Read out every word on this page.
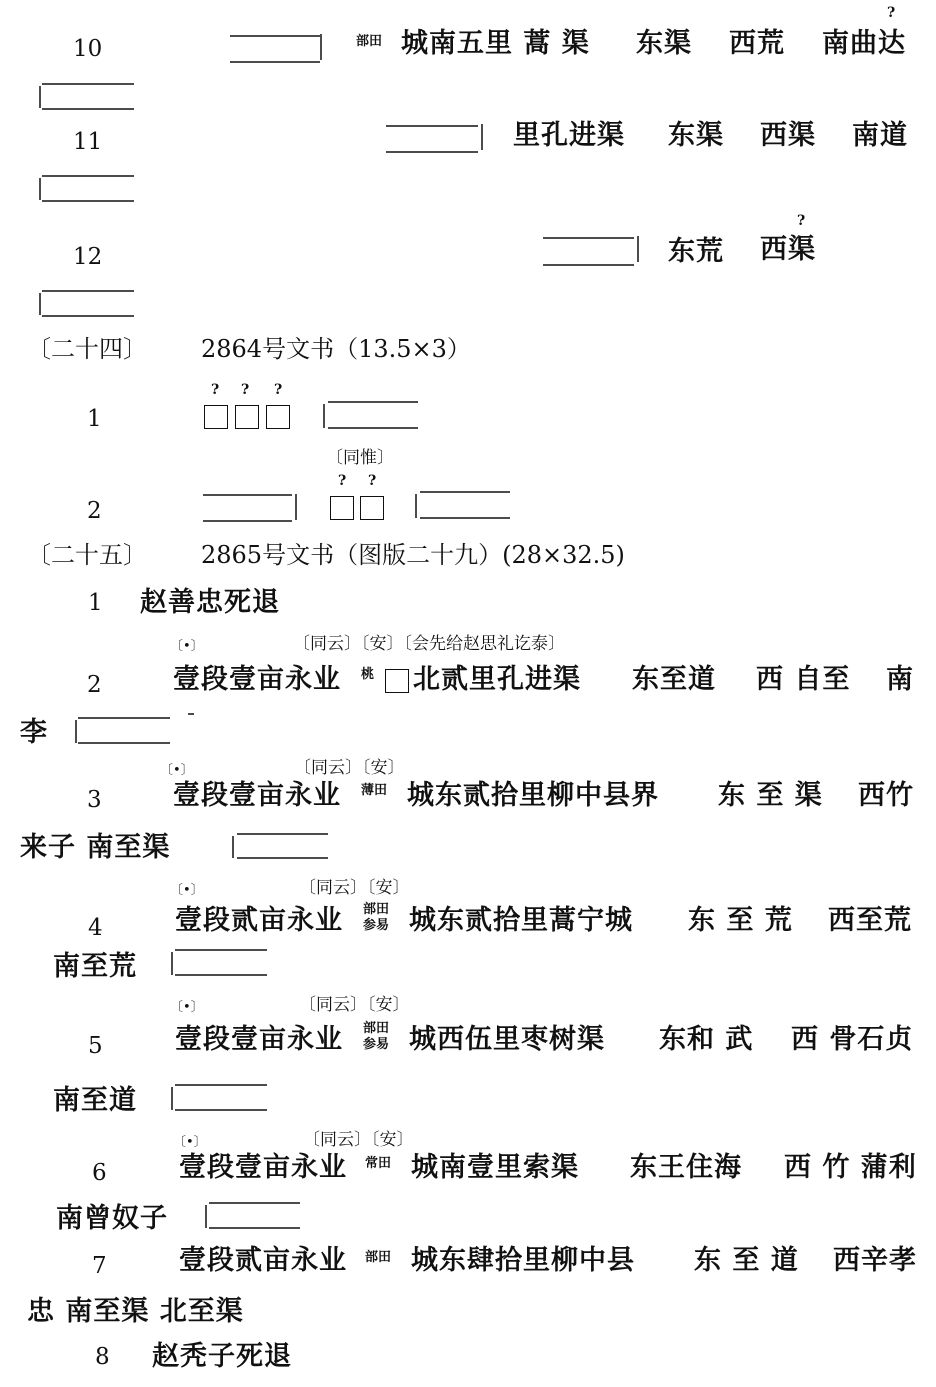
10	部田 城南五里 蒿 渠 东渠 西荒 南曲达
?
11	里孔进渠 东渠 西渠 南道
12	东荒 西渠
?
〔二十四〕 2864号文书（13.5×3）
1
? ? ?
〔同惟〕
? ?
2
〔二十五〕 2865号文书（图版二十九）(28×32.5)
1 赵善忠死退
〔•〕	〔同云〕〔安〕〔会先给赵思礼讫泰〕
2	壹段壹亩永业 桃 北贰里孔进渠 东至道 西 自至 南
李
〔•〕	〔同云〕〔安〕
3	壹段壹亩永业 薄田 城东贰拾里柳中县界 东 至 渠 西竹
来子 南至渠
〔•〕	〔同云〕〔安〕
4	壹段贰亩永业 部田
参易 城东贰拾里蒿宁城 东 至 荒 西至荒
南至荒
〔•〕	〔同云〕〔安〕
5	壹段壹亩永业 部田
参易 城西伍里枣树渠 东和 武 西 骨石贞
南至道
〔•〕	〔同云〕〔安〕
6	壹段壹亩永业 常田 城南壹里索渠 东王住海 西 竹 蒲利
南曾奴子
7	壹段贰亩永业 部田 城东肆拾里柳中县 东 至 道 西辛孝
忠 南至渠 北至渠
8 赵秃子死退
